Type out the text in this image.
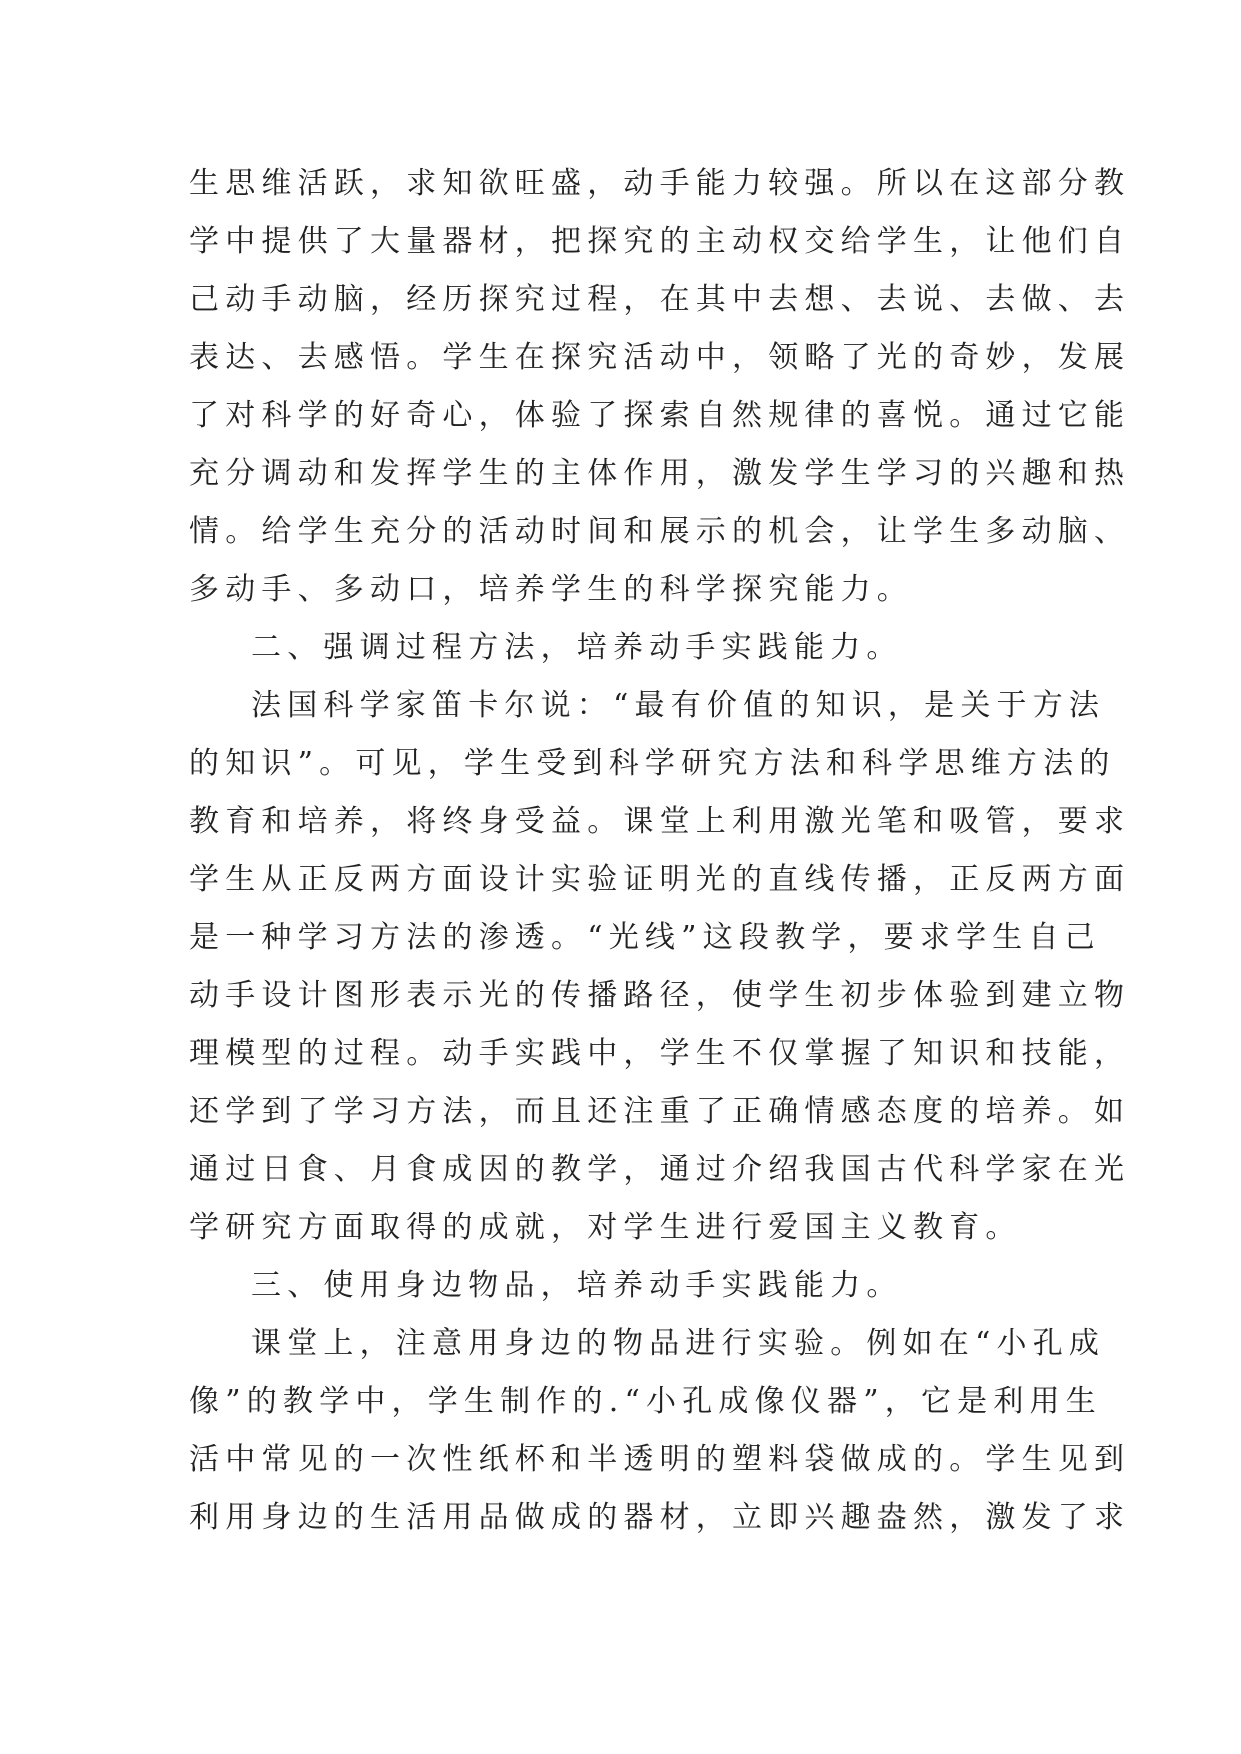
生思维活跃，求知欲旺盛，动手能力较强。所以在这部分教
学中提供了大量器材，把探究的主动权交给学生，让他们自
己动手动脑，经历探究过程，在其中去想、去说、去做、去
表达、去感悟。学生在探究活动中，领略了光的奇妙，发展
了对科学的好奇心，体验了探索自然规律的喜悦。通过它能
充分调动和发挥学生的主体作用，激发学生学习的兴趣和热
情。给学生充分的活动时间和展示的机会，让学生多动脑、
多动手、多动口，培养学生的科学探究能力。
二、强调过程方法，培养动手实践能力。
法国科学家笛卡尔说：“最有价值的知识，是关于方法
的知识”。可见，学生受到科学研究方法和科学思维方法的
教育和培养，将终身受益。课堂上利用激光笔和吸管，要求
学生从正反两方面设计实验证明光的直线传播，正反两方面
是一种学习方法的渗透。“光线”这段教学，要求学生自己
动手设计图形表示光的传播路径，使学生初步体验到建立物
理模型的过程。动手实践中，学生不仅掌握了知识和技能，
还学到了学习方法，而且还注重了正确情感态度的培养。如
通过日食、月食成因的教学，通过介绍我国古代科学家在光
学研究方面取得的成就，对学生进行爱国主义教育。
三、使用身边物品，培养动手实践能力。
课堂上，注意用身边的物品进行实验。例如在“小孔成
像”的教学中，学生制作的.“小孔成像仪器”，它是利用生
活中常见的一次性纸杯和半透明的塑料袋做成的。学生见到
利用身边的生活用品做成的器材，立即兴趣盎然，激发了求
